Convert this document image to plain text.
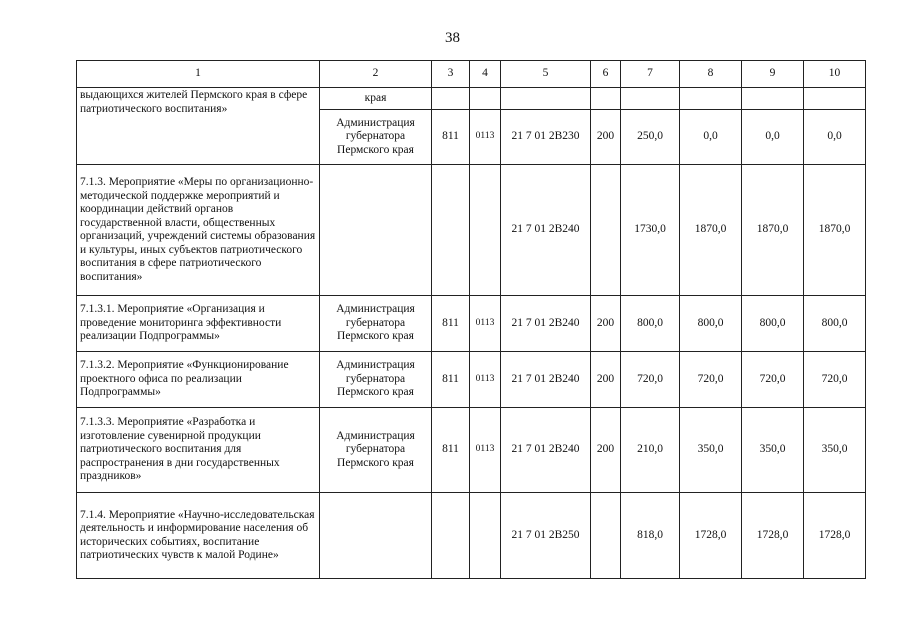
38
1	2	3	4	5	6	7	8	9	10
выдающихся жителей Пермского края в сфере патриотического воспитания»	края								
	Администрация губернатора Пермского края	811	0113	21 7 01 2В230	200	250,0	0,0	0,0	0,0
7.1.3. Мероприятие «Меры по организационно-методической поддержке мероприятий и координации действий органов государственной власти, общественных организаций, учреждений системы образования и культуры, иных субъектов патриотического воспитания в сфере патриотического воспитания»				21 7 01 2В240		1730,0	1870,0	1870,0	1870,0
7.1.3.1. Мероприятие «Организация и проведение мониторинга эффективности реализации Подпрограммы»	Администрация губернатора Пермского края	811	0113	21 7 01 2В240	200	800,0	800,0	800,0	800,0
7.1.3.2. Мероприятие «Функционирование проектного офиса по реализации Подпрограммы»	Администрация губернатора Пермского края	811	0113	21 7 01 2В240	200	720,0	720,0	720,0	720,0
7.1.3.3. Мероприятие «Разработка и изготовление сувенирной продукции патриотического воспитания для распространения в дни государственных праздников»	Администрация губернатора Пермского края	811	0113	21 7 01 2В240	200	210,0	350,0	350,0	350,0
7.1.4. Мероприятие «Научно-исследовательская деятельность и информирование населения об исторических событиях, воспитание патриотических чувств к малой Родине»				21 7 01 2В250		818,0	1728,0	1728,0	1728,0
